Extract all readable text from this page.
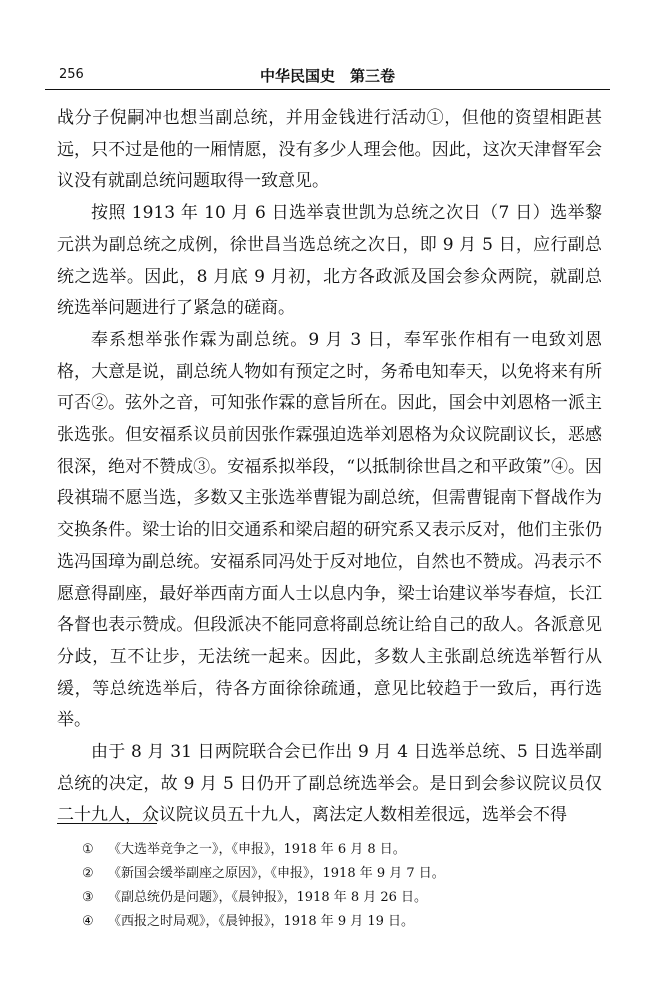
256	中华民国史　第三卷

战分子倪嗣冲也想当副总统，并用金钱进行活动①，但他的资望相距甚远，只不过是他的一厢情愿，没有多少人理会他。因此，这次天津督军会议没有就副总统问题取得一致意见。

按照 1913 年 10 月 6 日选举袁世凯为总统之次日（7 日）选举黎元洪为副总统之成例，徐世昌当选总统之次日，即 9 月 5 日，应行副总统之选举。因此，8 月底 9 月初，北方各政派及国会参众两院，就副总统选举问题进行了紧急的磋商。

奉系想举张作霖为副总统。9 月 3 日，奉军张作相有一电致刘恩格，大意是说，副总统人物如有预定之时，务希电知奉天，以免将来有所可否②。弦外之音，可知张作霖的意旨所在。因此，国会中刘恩格一派主张选张。但安福系议员前因张作霖强迫选举刘恩格为众议院副议长，恶感很深，绝对不赞成③。安福系拟举段，“以抵制徐世昌之和平政策”④。因段祺瑞不愿当选，多数又主张选举曹锟为副总统，但需曹锟南下督战作为交换条件。梁士诒的旧交通系和梁启超的研究系又表示反对，他们主张仍选冯国璋为副总统。安福系同冯处于反对地位，自然也不赞成。冯表示不愿意得副座，最好举西南方面人士以息内争，梁士诒建议举岑春煊，长江各督也表示赞成。但段派决不能同意将副总统让给自己的敌人。各派意见分歧，互不让步，无法统一起来。因此，多数人主张副总统选举暂行从缓，等总统选举后，待各方面徐徐疏通，意见比较趋于一致后，再行选举。

由于 8 月 31 日两院联合会已作出 9 月 4 日选举总统、5 日选举副总统的决定，故 9 月 5 日仍开了副总统选举会。是日到会参议院议员仅二十九人，众议院议员五十九人，离法定人数相差很远，选举会不得

① 《大选举竞争之一》，《申报》，1918 年 6 月 8 日。
② 《新国会缓举副座之原因》，《申报》，1918 年 9 月 7 日。
③ 《副总统仍是问题》，《晨钟报》，1918 年 8 月 26 日。
④ 《西报之时局观》，《晨钟报》，1918 年 9 月 19 日。
